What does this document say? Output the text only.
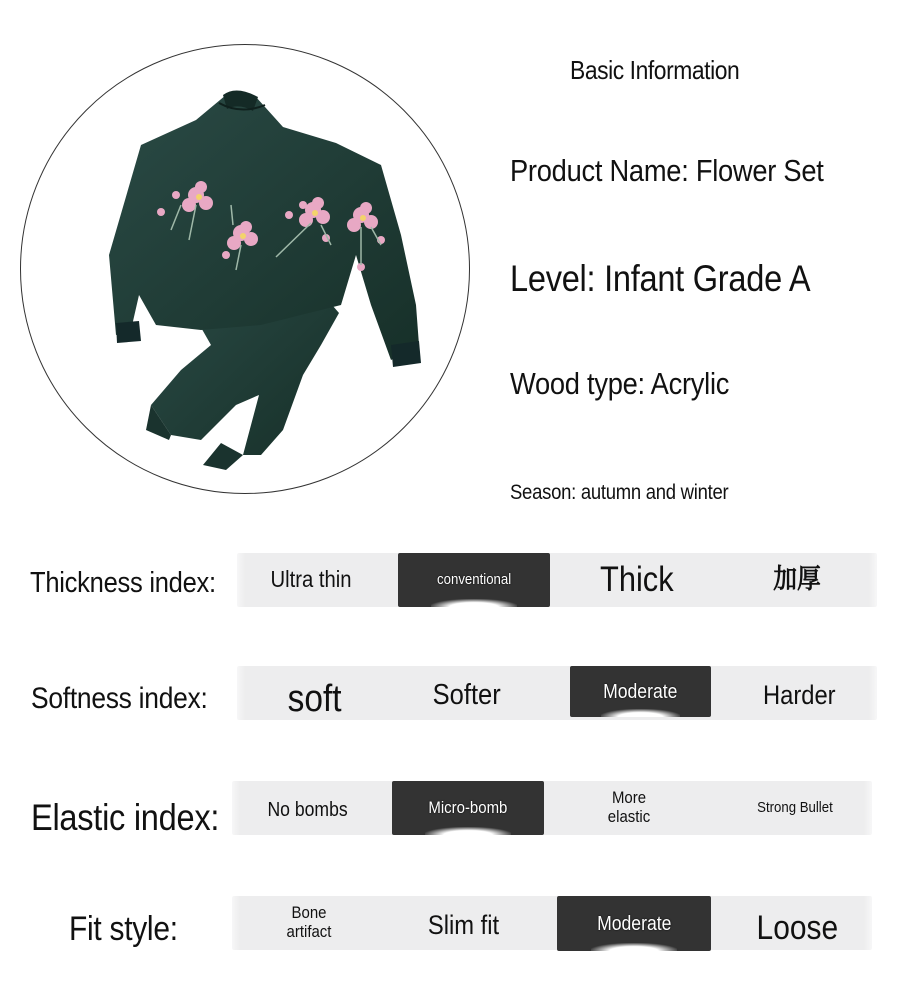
Basic Information
Product Name: Flower Set
Level: Infant Grade A
Wood type: Acrylic
Season: autumn and winter
Thickness index: Ultra thin	conventional	Thick	加厚
Softness index: soft	Softer	Moderate	Harder
Elastic index: No bombs	Micro-bomb	More elastic	Strong Bullet
Fit style:	Bone artifact	Slim fit	Moderate	Loose
